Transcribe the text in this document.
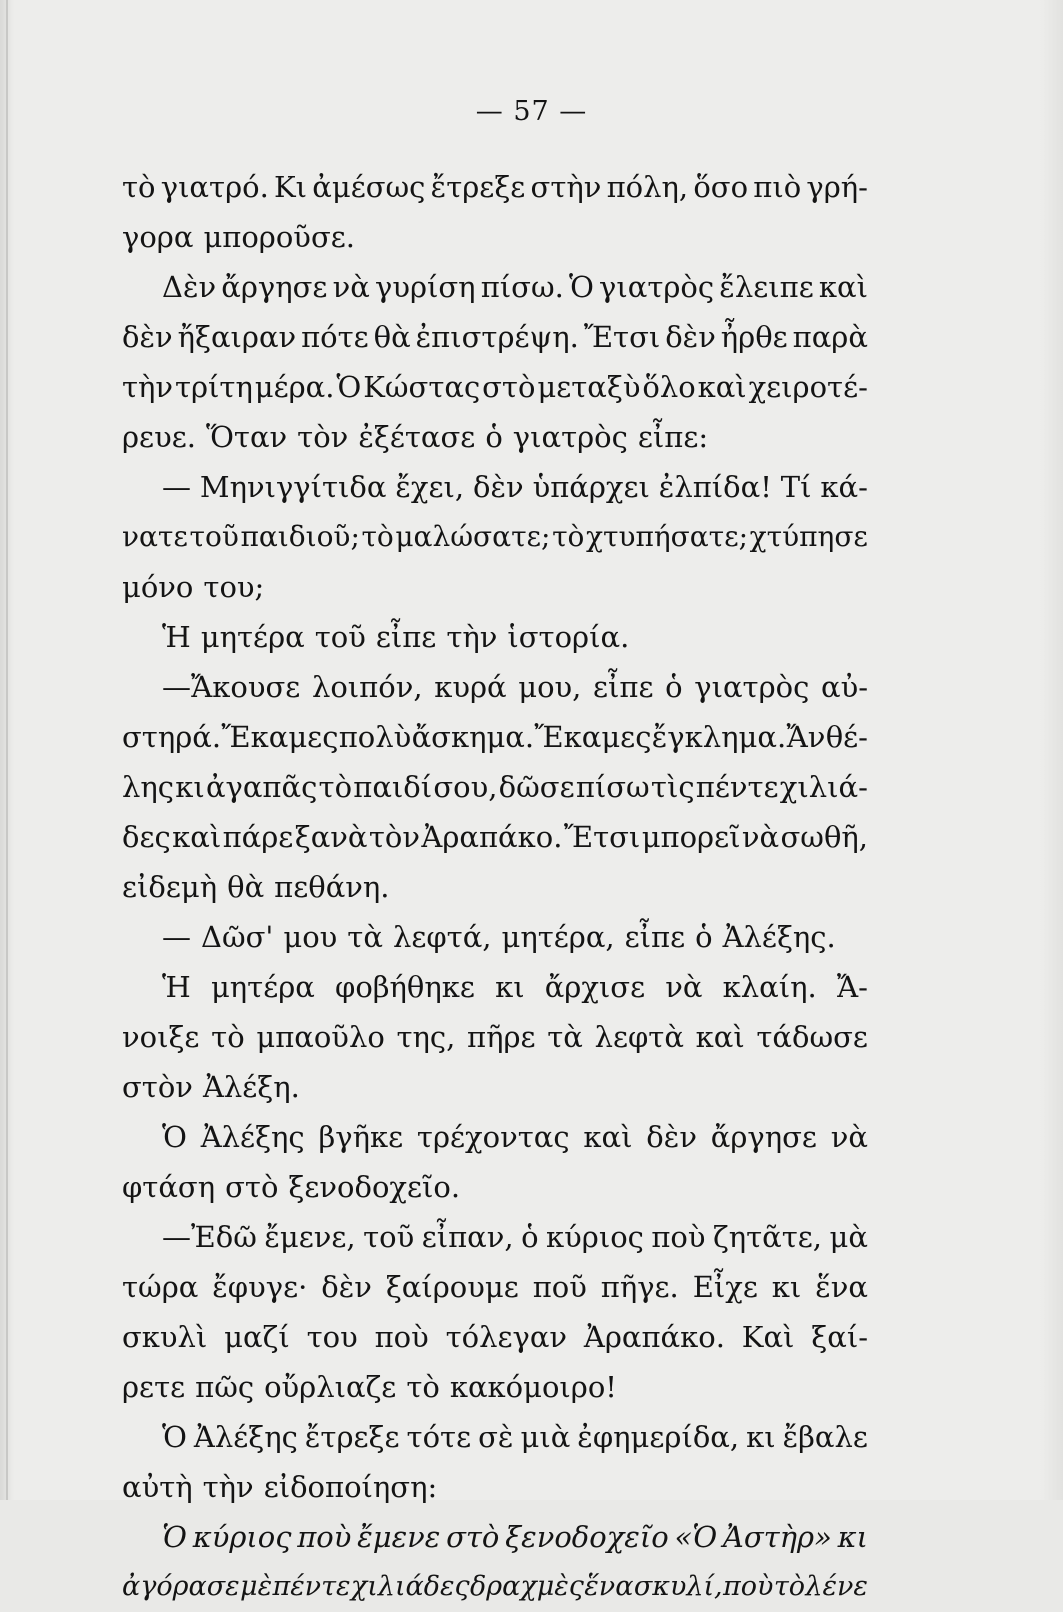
— 57 —
τὸ γιατρό. Κι ἀμέσως ἔτρεξε στὴν πόλη, ὅσο πιὸ γρή-
γορα μποροῦσε.
Δὲν ἄργησε νὰ γυρίση πίσω. Ὁ γιατρὸς ἔλειπε καὶ
δὲν ἤξαιραν πότε θὰ ἐπιστρέψη. Ἔτσι δὲν ἦρθε παρὰ
τὴν τρίτη μέρα. Ὁ Κώστας στὸ μεταξὺ ὅλο καὶ χειροτέ-
ρευε. Ὅταν τὸν ἐξέτασε ὁ γιατρὸς εἶπε:
— Μηνιγγίτιδα ἔχει, δὲν ὑπάρχει ἐλπίδα! Τί κά-
νατε τοῦ παιδιοῦ; τὸ μαλώσατε; τὸ χτυπήσατε; χτύπησε
μόνο του;
Ἡ μητέρα τοῦ εἶπε τὴν ἱστορία.
—Ἄκουσε λοιπόν, κυρά μου, εἶπε ὁ γιατρὸς αὐ-
στηρά. Ἔκαμες πολὺ ἄσκημα. Ἔκαμες ἔγκλημα. Ἄν θέ-
λης κι ἀγαπᾶς τὸ παιδί σου, δῶσε πίσω τὶς πέντε χιλιά-
δες καὶ πάρε ξανὰ τὸν Ἀραπάκο. Ἔτσι μπορεῖ νὰ σωθῆ,
εἰδεμὴ θὰ πεθάνη.
— Δῶσ' μου τὰ λεφτά, μητέρα, εἶπε ὁ Ἀλέξης.
Ἡ μητέρα φοβήθηκε κι ἄρχισε νὰ κλαίη. Ἄ-
νοιξε τὸ μπαοῦλο της, πῆρε τὰ λεφτὰ καὶ τάδωσε
στὸν Ἀλέξη.
Ὁ Ἀλέξης βγῆκε τρέχοντας καὶ δὲν ἄργησε νὰ
φτάση στὸ ξενοδοχεῖο.
—Ἐδῶ ἔμενε, τοῦ εἶπαν, ὁ κύριος ποὺ ζητᾶτε, μὰ
τώρα ἔφυγε· δὲν ξαίρουμε ποῦ πῆγε. Εἶχε κι ἕνα
σκυλὶ μαζί του ποὺ τόλεγαν Ἀραπάκο. Καὶ ξαί-
ρετε πῶς οὔρλιαζε τὸ κακόμοιρο!
Ὁ Ἀλέξης ἔτρεξε τότε σὲ μιὰ ἐφημερίδα, κι ἔβαλε
αὐτὴ τὴν εἰδοποίηση:
Ὁ κύριος ποὺ ἔμενε στὸ ξενοδοχεῖο «Ὁ Ἀστὴρ» κι
ἀγόρασε μὲ πέντε χιλιάδες δραχμὲς ἕνα σκυλί, ποὺ τὸ λένε
